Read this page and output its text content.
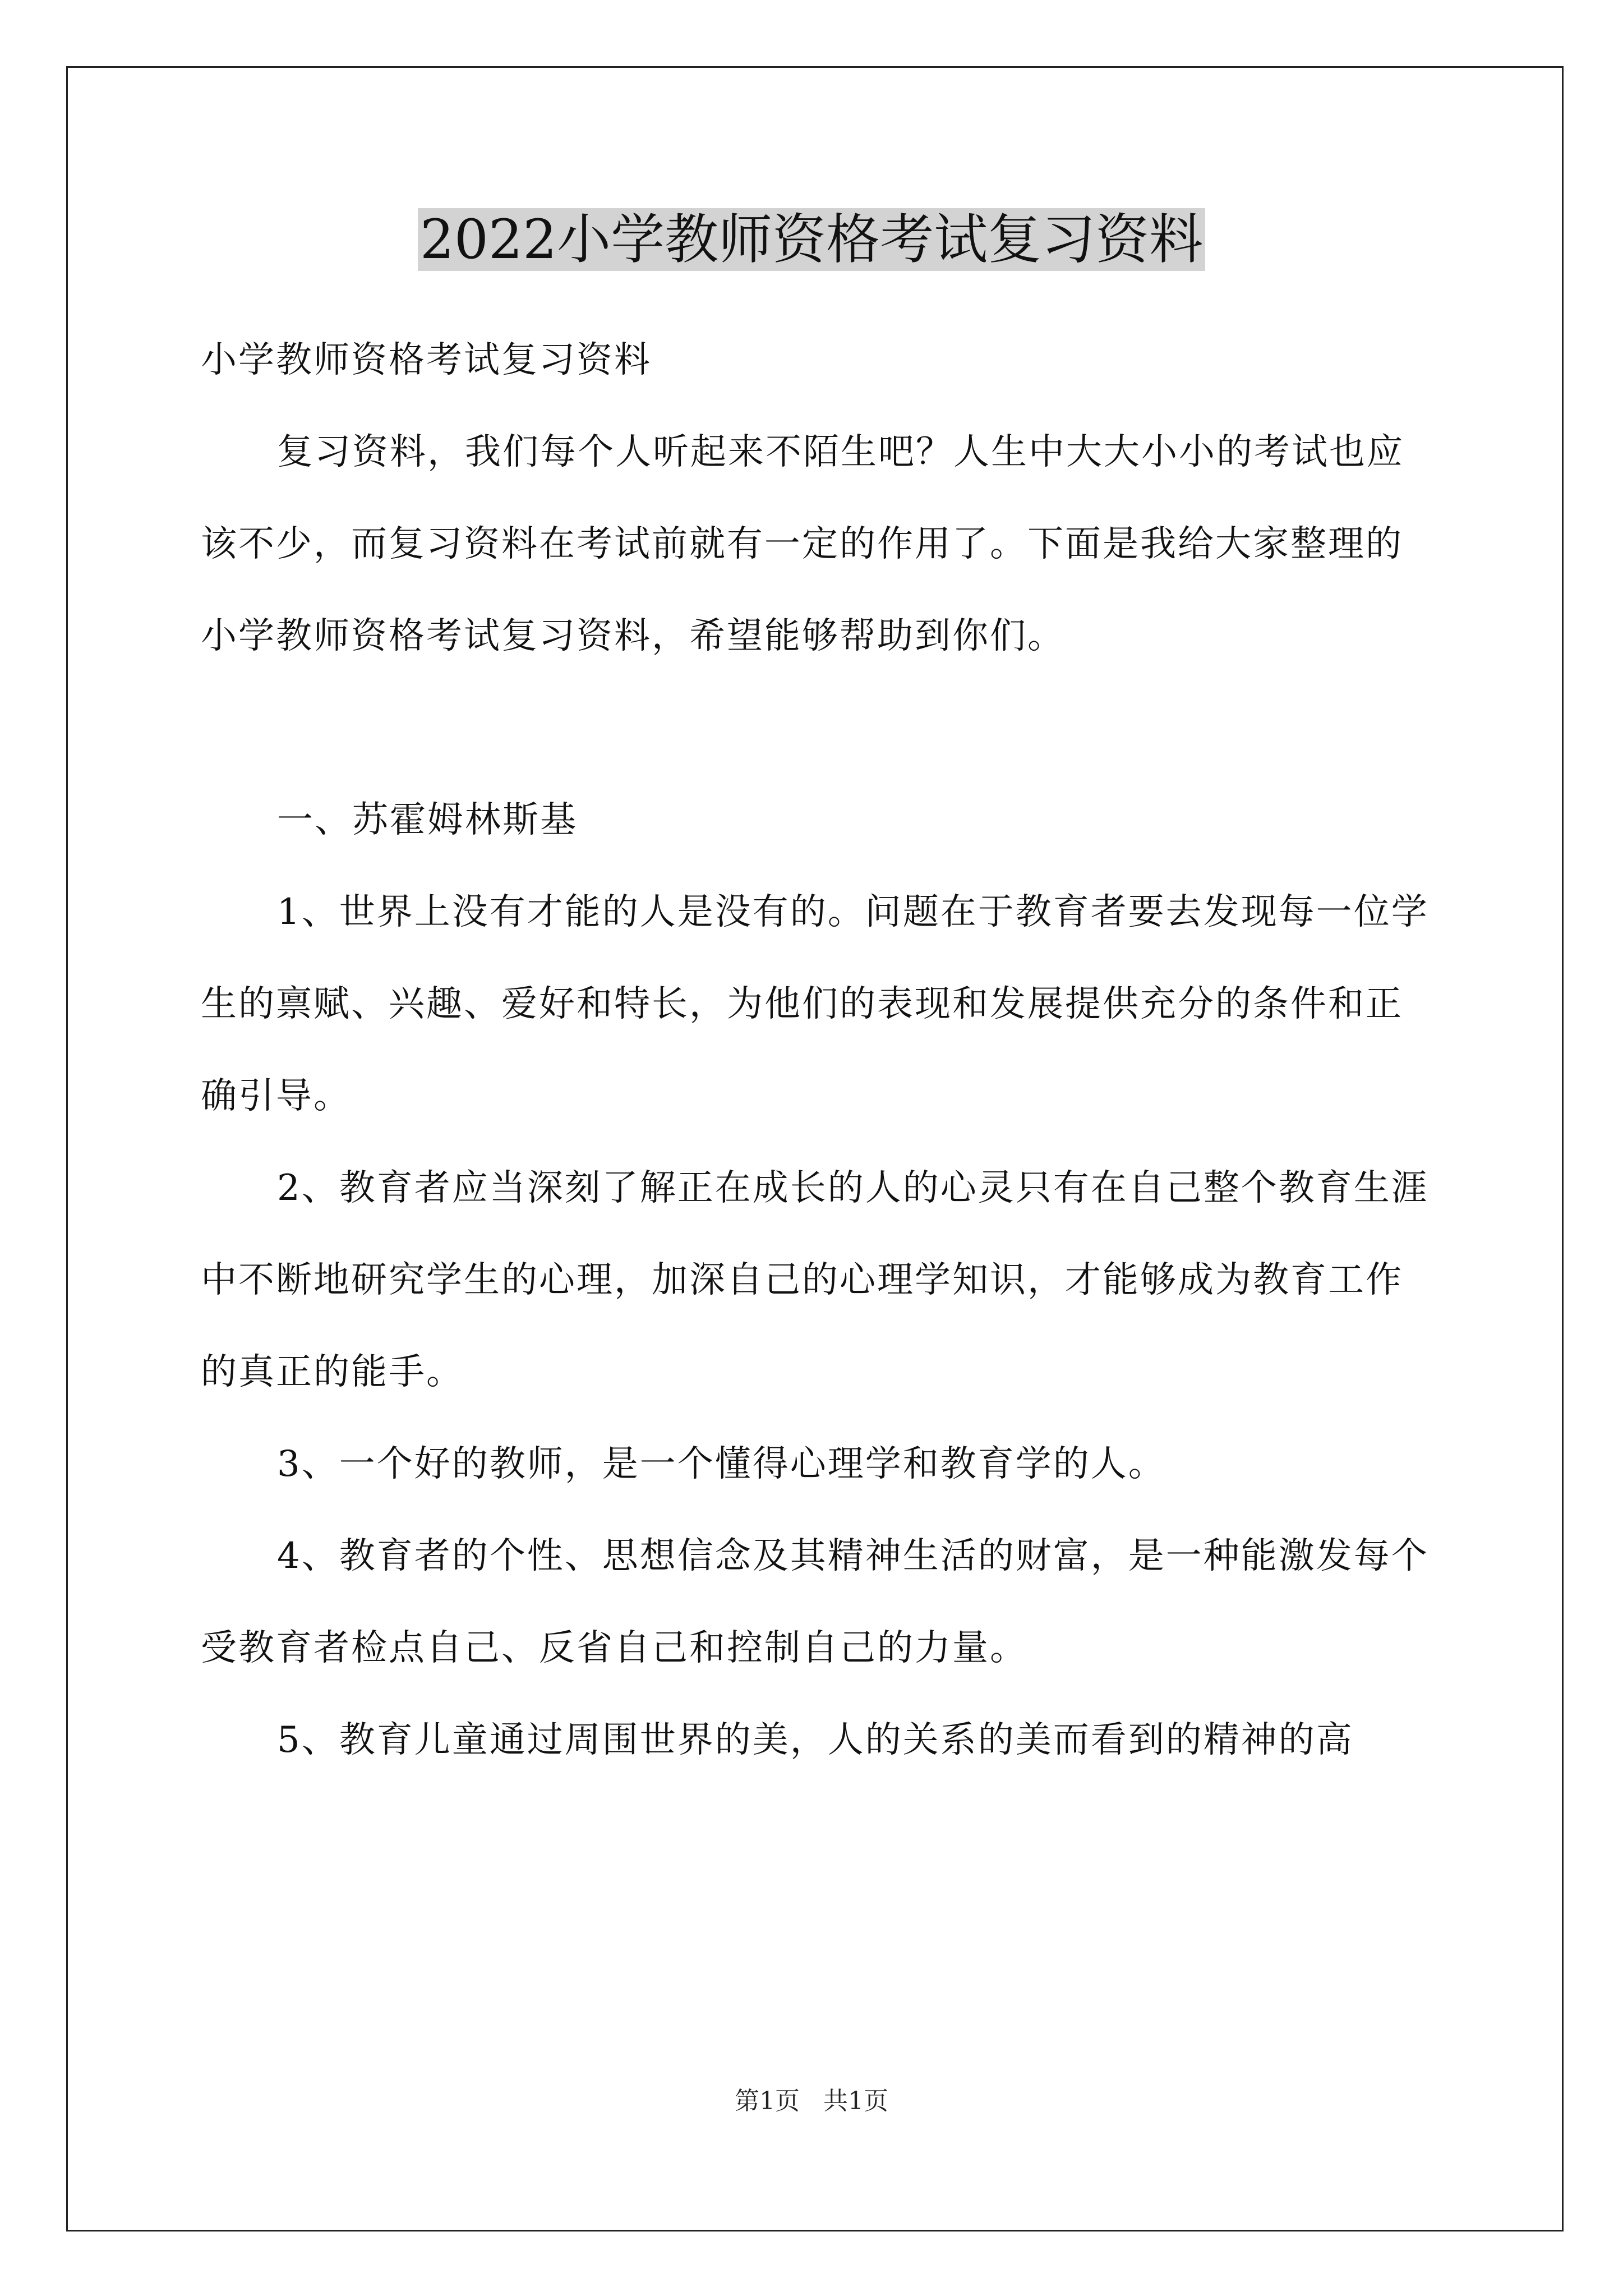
2022小学教师资格考试复习资料

小学教师资格考试复习资料

复习资料，我们每个人听起来不陌生吧？人生中大大小小的考试也应该不少，而复习资料在考试前就有一定的作用了。下面是我给大家整理的小学教师资格考试复习资料，希望能够帮助到你们。

一、苏霍姆林斯基

1、世界上没有才能的人是没有的。问题在于教育者要去发现每一位学生的禀赋、兴趣、爱好和特长，为他们的表现和发展提供充分的条件和正确引导。

2、教育者应当深刻了解正在成长的人的心灵只有在自己整个教育生涯中不断地研究学生的心理，加深自己的心理学知识，才能够成为教育工作的真正的能手。

3、一个好的教师，是一个懂得心理学和教育学的人。

4、教育者的个性、思想信念及其精神生活的财富，是一种能激发每个受教育者检点自己、反省自己和控制自己的力量。

5、教育儿童通过周围世界的美，人的关系的美而看到的精神的高

第1页   共1页
